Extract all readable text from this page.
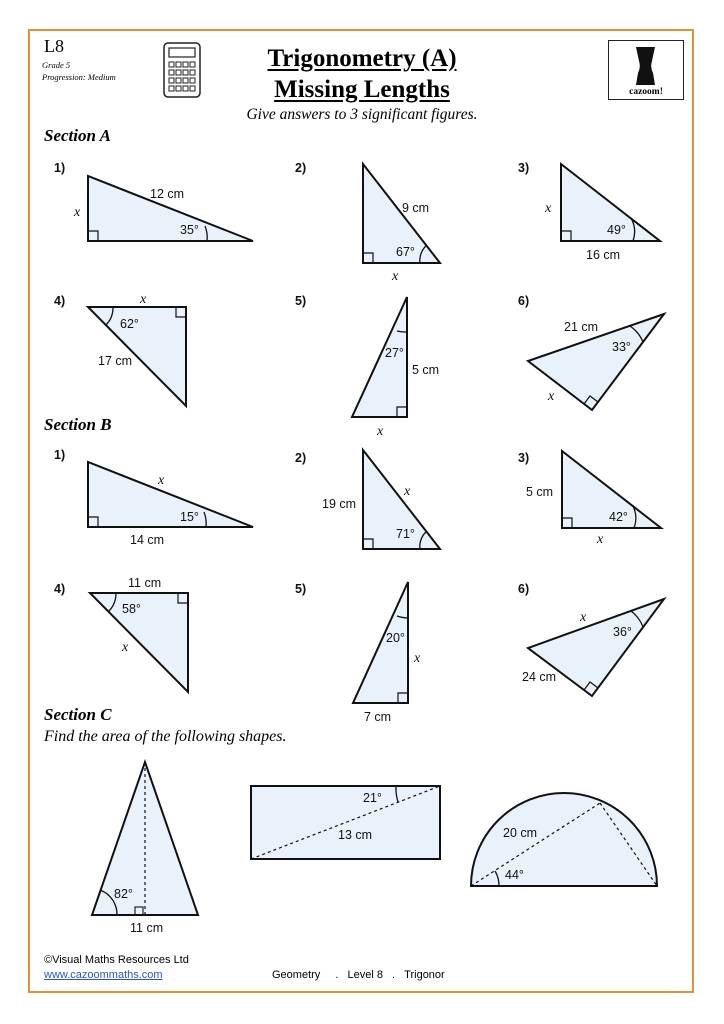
L8
Grade 5
Progression: Medium
Trigonometry (A)
Missing Lengths
Give answers to 3 significant figures.
cazoom!
Section A
Section B
Section C
Find the area of the following shapes.
1)
12 cm
35°
x
2)
9 cm
67°
x
3)
x
49°
16 cm
4)	x
62°
17 cm
5)
27°
5 cm
x
6)
21 cm
33°
x
1)
x
15°
14 cm
2)
19 cm
x
71°
3)
5 cm
42°
x
4)	11 cm
58°
x
5)
20°
x
7 cm
6)
x
36°
24 cm
82°
11 cm
21°
13 cm	20 cm
44°
©Visual Maths Resources Ltd
www.cazoommaths.com	Geometry . Level 8 . Trigonor
